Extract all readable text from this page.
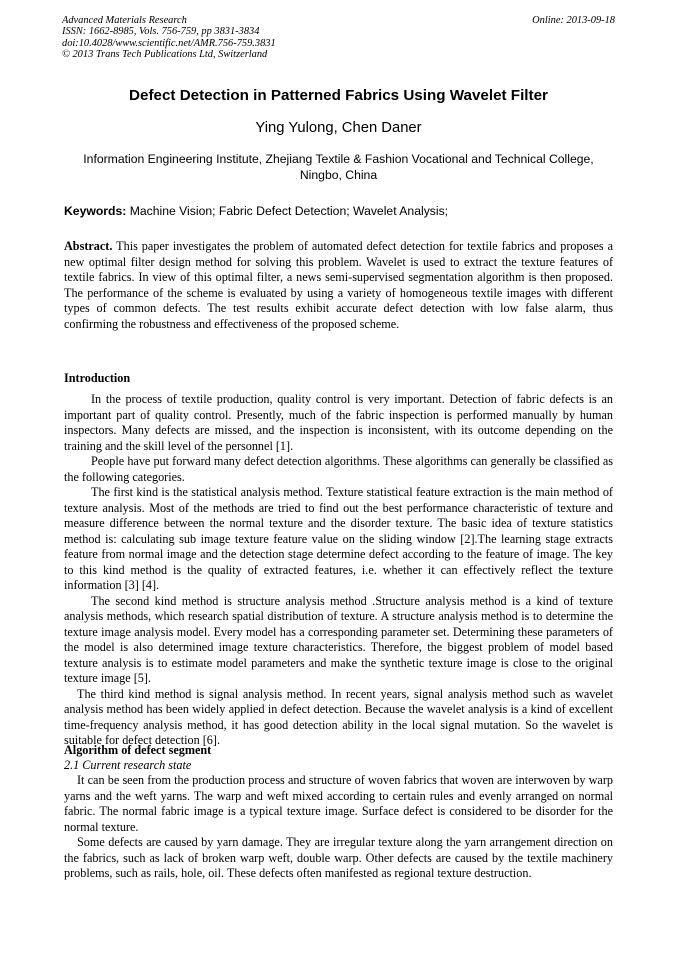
Advanced Materials Research
ISSN: 1662-8985, Vols. 756-759, pp 3831-3834
doi:10.4028/www.scientific.net/AMR.756-759.3831
© 2013 Trans Tech Publications Ltd, Switzerland
Online: 2013-09-18
Defect Detection in Patterned Fabrics Using Wavelet Filter
Ying Yulong, Chen Daner
Information Engineering Institute, Zhejiang Textile & Fashion Vocational and Technical College, Ningbo, China
Keywords: Machine Vision; Fabric Defect Detection; Wavelet Analysis;

Abstract. This paper investigates the problem of automated defect detection for textile fabrics and proposes a new optimal filter design method for solving this problem. Wavelet is used to extract the texture features of textile fabrics. In view of this optimal filter, a news semi-supervised segmentation algorithm is then proposed. The performance of the scheme is evaluated by using a variety of homogeneous textile images with different types of common defects. The test results exhibit accurate defect detection with low false alarm, thus confirming the robustness and effectiveness of the proposed scheme.

Introduction

In the process of textile production, quality control is very important. Detection of fabric defects is an important part of quality control. Presently, much of the fabric inspection is performed manually by human inspectors. Many defects are missed, and the inspection is inconsistent, with its outcome depending on the training and the skill level of the personnel [1].

People have put forward many defect detection algorithms. These algorithms can generally be classified as the following categories.

The first kind is the statistical analysis method. Texture statistical feature extraction is the main method of texture analysis. Most of the methods are tried to find out the best performance characteristic of texture and measure difference between the normal texture and the disorder texture. The basic idea of texture statistics method is: calculating sub image texture feature value on the sliding window [2].The learning stage extracts feature from normal image and the detection stage determine defect according to the feature of image. The key to this kind method is the quality of extracted features, i.e. whether it can effectively reflect the texture information [3] [4].

The second kind method is structure analysis method .Structure analysis method is a kind of texture analysis methods, which research spatial distribution of texture. A structure analysis method is to determine the texture image analysis model. Every model has a corresponding parameter set. Determining these parameters of the model is also determined image texture characteristics. Therefore, the biggest problem of model based texture analysis is to estimate model parameters and make the synthetic texture image is close to the original texture image [5].

The third kind method is signal analysis method. In recent years, signal analysis method such as wavelet analysis method has been widely applied in defect detection. Because the wavelet analysis is a kind of excellent time-frequency analysis method, it has good detection ability in the local signal mutation. So the wavelet is suitable for defect detection [6].

Algorithm of defect segment
2.1 Current research state

It can be seen from the production process and structure of woven fabrics that woven are interwoven by warp yarns and the weft yarns. The warp and weft mixed according to certain rules and evenly arranged on normal fabric. The normal fabric image is a typical texture image. Surface defect is considered to be disorder for the normal texture.

Some defects are caused by yarn damage. They are irregular texture along the yarn arrangement direction on the fabrics, such as lack of broken warp weft, double warp. Other defects are caused by the textile machinery problems, such as rails, hole, oil. These defects often manifested as regional texture destruction.
